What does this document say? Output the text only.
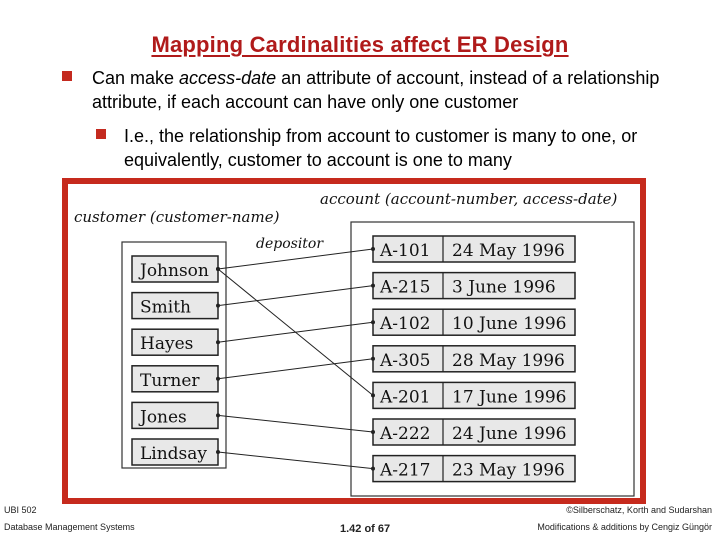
Mapping Cardinalities affect ER Design
Can make access-date an attribute of account, instead of a relationship attribute, if each account can have only one customer
I.e., the relationship from account to customer is many to one, or equivalently, customer to account is one to many
account (account-number, access-date)
customer (customer-name)
depositor
Johnson
Smith
Hayes
Turner
Jones
Lindsay
A-101 24 May 1996
A-215 3 June 1996
A-102 10 June 1996
A-305 28 May 1996
A-201 17 June 1996
A-222 24 June 1996
A-217 23 May 1996
UBI 502
Database Management Systems	1.42 of 67
©Silberschatz, Korth and Sudarshan
Modifications & additions by Cengiz Güngör
